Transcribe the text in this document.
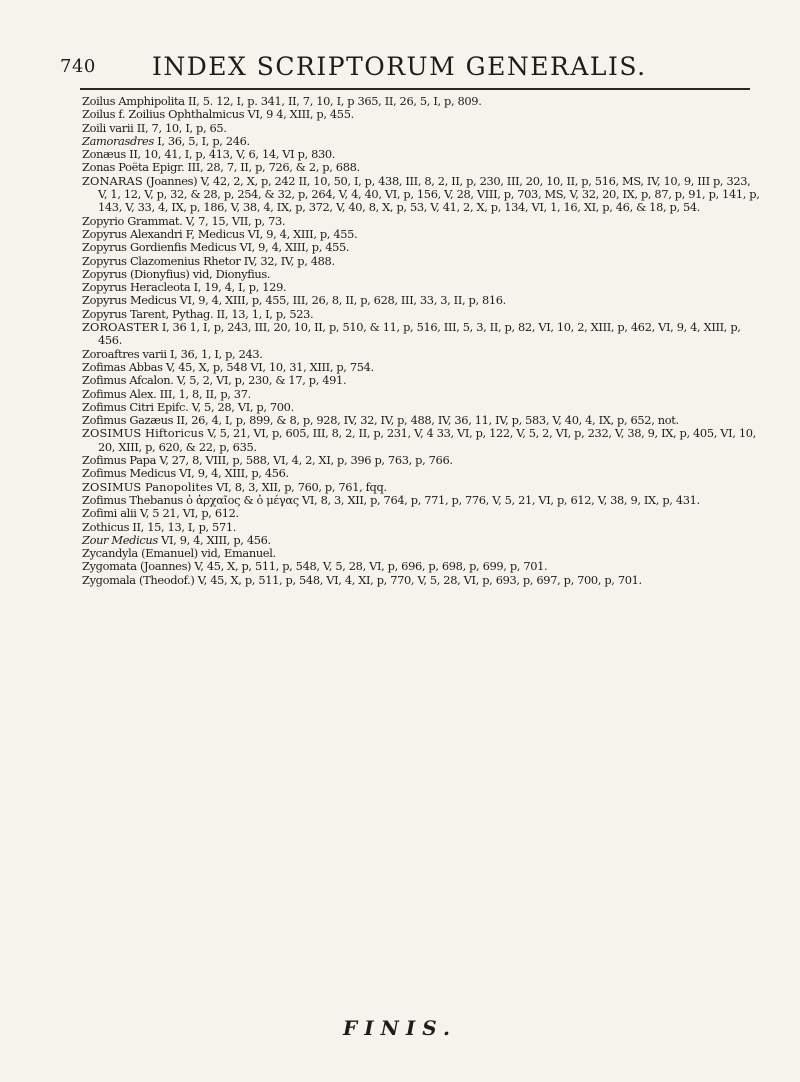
740 INDEX SCRIPTORUM GENERALIS.
Zoilus Amphipolita II, 5. 12, I, p. 341, II, 7, 10, I, p 365, II, 26, 5, I, p, 809.
Zoilus f. Zoilius Ophthalmicus VI, 9 4, XIII, p, 455.
Zoili varii II, 7, 10, I, p, 65.
Zamorasdres I, 36, 5, I, p, 246.
Zonæus II, 10, 41, I, p, 413, V, 6, 14, VI p, 830.
Zonas Poëta Epigr. III, 28, 7, II, p, 726, & 2, p, 688.
ZONARAS (Joannes) V, 42, 2, X, p, 242 II, 10, 50, I, p, 438, III, 8, 2, II, p, 230, III, 20, 10, II, p, 516, MS, IV, 10, 9, III p, 323, V, 1, 12, V, p, 32, & 28, p, 254, & 32, p, 264, V, 4, 40, VI, p, 156, V, 28, VIII, p, 703, MS, V, 32, 20, IX, p, 87, p, 91, p, 141, p, 143, V, 33, 4, IX, p, 186, V, 38, 4, IX, p, 372, V, 40, 8, X, p, 53, V, 41, 2, X, p, 134, VI, 1, 16, XI, p, 46, & 18, p, 54.
Zopyrio Grammat. V, 7, 15, VII, p, 73.
Zopyrus Alexandri F, Medicus VI, 9, 4, XIII, p, 455.
Zopyrus Gordienfis Medicus VI, 9, 4, XIII, p, 455.
Zopyrus Clazomenius Rhetor IV, 32, IV, p, 488.
Zopyrus (Dionyfius) vid, Dionyfius.
Zopyrus Heracleota I, 19, 4, I, p, 129.
Zopyrus Medicus VI, 9, 4, XIII, p, 455, III, 26, 8, II, p, 628, III, 33, 3, II, p, 816.
Zopyrus Tarent, Pythag. II, 13, 1, I, p, 523.
ZOROASTER I, 36 1, I, p, 243, III, 20, 10, II, p, 510, & 11, p, 516, III, 5, 3, II, p, 82, VI, 10, 2, XIII, p, 462, VI, 9, 4, XIII, p, 456.
Zoroaftres varii I, 36, 1, I, p, 243.
Zofimas Abbas V, 45, X, p, 548 VI, 10, 31, XIII, p, 754.
Zofimus Afcalon. V, 5, 2, VI, p, 230, & 17, p, 491.
Zofimus Alex. III, 1, 8, II, p, 37.
Zofimus Citri Epifc. V, 5, 28, VI, p, 700.
Zofimus Gazæus II, 26, 4, I, p, 899, & 8, p, 928, IV, 32, IV, p, 488, IV, 36, 11, IV, p, 583, V, 40, 4, IX, p, 652, not.
ZOSIMUS Hiftoricus V, 5, 21, VI, p, 605, III, 8, 2, II, p, 231, V, 4 33, VI, p, 122, V, 5, 2, VI, p, 232, V, 38, 9, IX, p, 405, VI, 10, 20, XIII, p, 620, & 22, p, 635.
Zofimus Papa V, 27, 8, VIII, p, 588, VI, 4, 2, XI, p, 396 p, 763, p, 766.
Zofimus Medicus VI, 9, 4, XIII, p, 456.
ZOSIMUS Panopolites VI, 8, 3, XII, p, 760, p, 761, fqq.
Zofimus Thebanus ὁ ἀρχαῖος & ὁ μέγας VI, 8, 3, XII, p, 764, p, 771, p, 776, V, 5, 21, VI, p, 612, V, 38, 9, IX, p, 431.
Zofimi alii V, 5 21, VI, p, 612.
Zothicus II, 15, 13, I, p, 571.
Zour Medicus VI, 9, 4, XIII, p, 456.
Zycandyla (Emanuel) vid, Emanuel.
Zygomata (Joannes) V, 45, X, p, 511, p, 548, V, 5, 28, VI, p, 696, p, 698, p, 699, p, 701.
Zygomala (Theodof.) V, 45, X, p, 511, p, 548, VI, 4, XI, p, 770, V, 5, 28, VI, p, 693, p, 697, p, 700, p, 701.
FINIS.
